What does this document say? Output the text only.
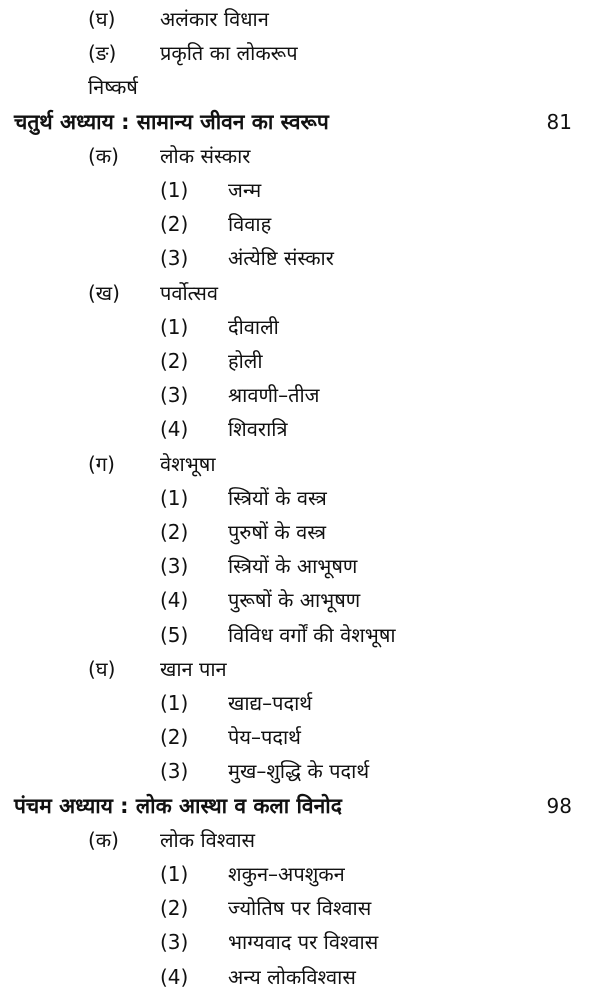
(घ) अलंकार विधान
(ङ) प्रकृति का लोकरूप
निष्कर्ष
चतुर्थ अध्याय : सामान्य जीवन का स्वरूप	81
(क) लोक संस्कार
(1) जन्म
(2) विवाह
(3) अंत्येष्टि संस्कार
(ख) पर्वोत्सव
(1) दीवाली
(2) होली
(3) श्रावणी–तीज
(4) शिवरात्रि
(ग) वेशभूषा
(1) स्त्रियों के वस्त्र
(2) पुरुषों के वस्त्र
(3) स्त्रियों के आभूषण
(4) पुरूषों के आभूषण
(5) विविध वर्गों की वेशभूषा
(घ) खान पान
(1) खाद्य–पदार्थ
(2) पेय–पदार्थ
(3) मुख–शुद्धि के पदार्थ
पंचम अध्याय : लोक आस्था व कला विनोद	98
(क) लोक विश्वास
(1) शकुन–अपशुकन
(2) ज्योतिष पर विश्वास
(3) भाग्यवाद पर विश्वास
(4) अन्य लोकविश्वास
